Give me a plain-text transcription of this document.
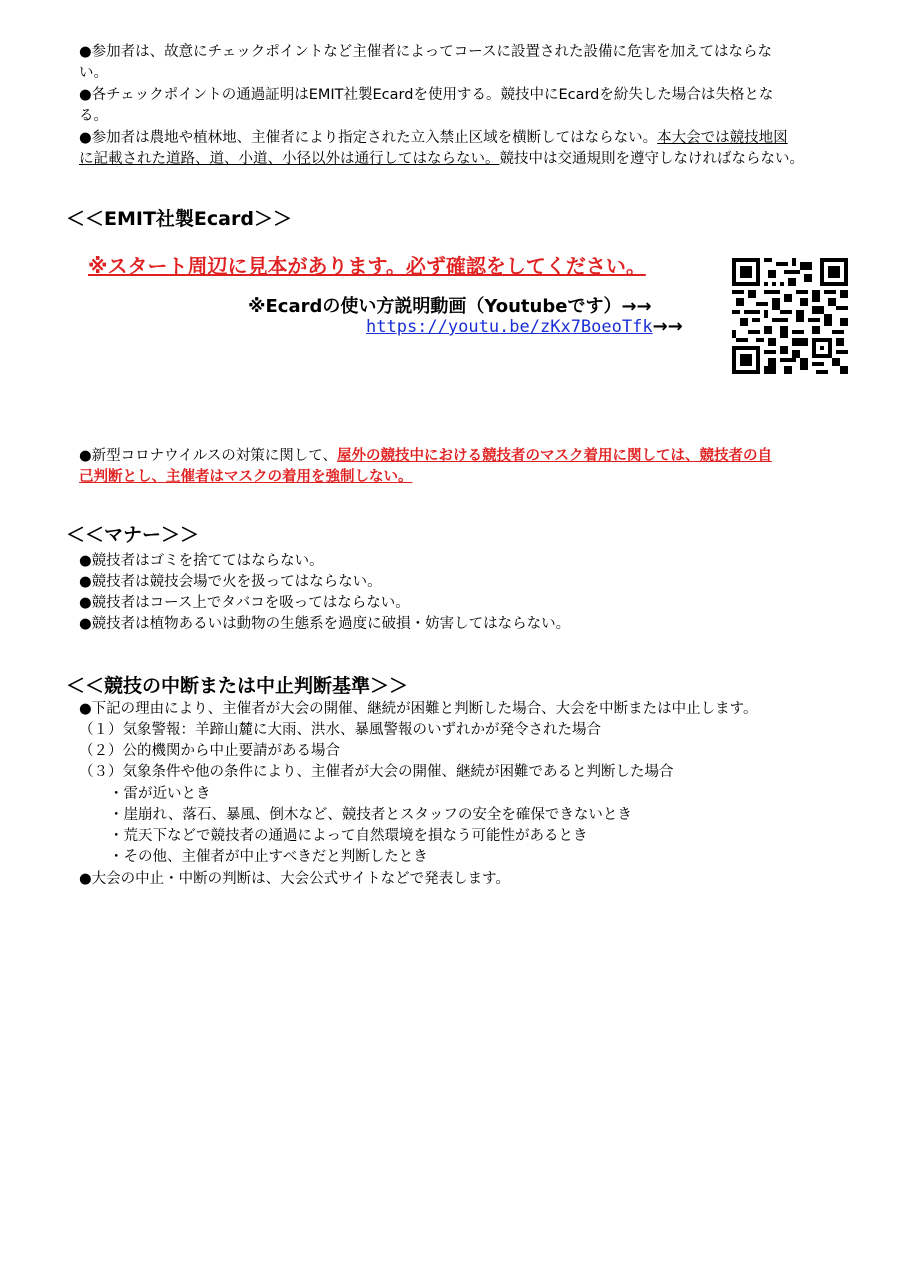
●参加者は、故意にチェックポイントなど主催者によってコースに設置された設備に危害を加えてはならな
い。
●各チェックポイントの通過証明はEMIT社製Ecardを使用する。競技中にEcardを紛失した場合は失格とな
る。
●参加者は農地や植林地、主催者により指定された立入禁止区域を横断してはならない。本大会では競技地図
に記載された道路、道、小道、小径以外は通行してはならない。競技中は交通規則を遵守しなければならない。
＜＜EMIT社製Ecard＞＞
※スタート周辺に見本があります。必ず確認をしてください。
※Ecardの使い方説明動画（Youtubeです）→→
https://youtu.be/zKx7BoeoTfk→→
●新型コロナウイルスの対策に関して、屋外の競技中における競技者のマスク着用に関しては、競技者の自
己判断とし、主催者はマスクの着用を強制しない。
＜＜マナー＞＞
●競技者はゴミを捨ててはならない。
●競技者は競技会場で火を扱ってはならない。
●競技者はコース上でタバコを吸ってはならない。
●競技者は植物あるいは動物の生態系を過度に破損・妨害してはならない。
＜＜競技の中断または中止判断基準＞＞
●下記の理由により、主催者が大会の開催、継続が困難と判断した場合、大会を中断または中止します。
（１）気象警報：羊蹄山麓に大雨、洪水、暴風警報のいずれかが発令された場合
（２）公的機関から中止要請がある場合
（３）気象条件や他の条件により、主催者が大会の開催、継続が困難であると判断した場合
・雷が近いとき
・崖崩れ、落石、暴風、倒木など、競技者とスタッフの安全を確保できないとき
・荒天下などで競技者の通過によって自然環境を損なう可能性があるとき
・その他、主催者が中止すべきだと判断したとき
●大会の中止・中断の判断は、大会公式サイトなどで発表します。
